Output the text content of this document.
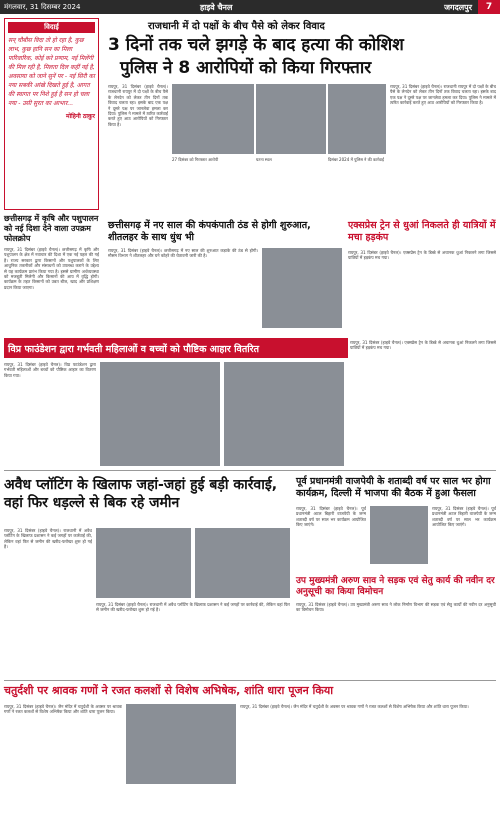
मंगलवार, 31 दिसम्बर 2024	हाइवे चैनल	जगदलपुर	7
विदाई

सन् चौबीस विदा तो हो रहा है, कुछ लाभ, कुछ हानि सन का मिला पारिवारिक, कोई करे प्रणाम, नई मिलेंगी की मिल रही है, मिलता दिल कहीं नई है, अवसाया को जाने सुनें पर - नई सिरी का नया सबकी आंखे दिखते हुई है, आगत की स्वागत पर निशे हुई है सन हो चला नया - उसी सुरत का आभार...

मोहिनी ठाकुर
छत्तीसगढ़ में कृषि और पशुपालन को नई दिशा देने वाला उपक्रम फोलक्रोप
रायपुर, 31 दिसंबर (हाइवे चैनल)। छत्तीसगढ़ में कृषि और पशुपालन के क्षेत्र में नवाचार की दिशा में एक नई पहल की गई है। राज्य सरकार द्वारा किसानों और पशुपालकों के लिए आधुनिक तकनीकों और संसाधनों को उपलब्ध कराने के उद्देश्य से यह कार्यक्रम प्रारंभ किया गया है। इससे ग्रामीण अर्थव्यवस्था को मजबूती मिलेगी और किसानों की आय में वृद्धि होगी। कार्यक्रम के तहत किसानों को उन्नत बीज, खाद और प्रशिक्षण प्रदान किया जाएगा।
राजधानी में दो पक्षों के बीच पैसे को लेकर विवाद
3 दिनों तक चले झगड़े के बाद हत्या की कोशिश
पुलिस ने 8 आरोपियों को किया गिरफ्तार
रायपुर, 31 दिसंबर (हाइवे चैनल)। राजधानी रायपुर में दो पक्षों के बीच पैसे के लेनदेन को लेकर तीन दिनों तक विवाद चलता रहा। इसके बाद एक पक्ष ने दूसरे पक्ष पर जानलेवा हमला कर दिया। पुलिस ने मामले में त्वरित कार्रवाई करते हुए आठ आरोपियों को गिरफ्तार किया है।
रायपुर, 31 दिसंबर (हाइवे चैनल)। राजधानी रायपुर में दो पक्षों के बीच पैसे के लेनदेन को लेकर तीन दिनों तक विवाद चलता रहा। इसके बाद एक पक्ष ने दूसरे पक्ष पर जानलेवा हमला कर दिया। पुलिस ने मामले में त्वरित कार्रवाई करते हुए आठ आरोपियों को गिरफ्तार किया है।
27 दिसंबर को गिरफ्तार आरोपी	घटना स्थल	दिसंबर 2024 में पुलिस ने की कार्रवाई
छत्तीसगढ़ में नए साल की कंपकंपाती ठंड से होगी शुरुआत, शीतलहर के साथ धुंध भी
रायपुर, 31 दिसंबर (हाइवे चैनल)। छत्तीसगढ़ में नए साल की शुरुआत कड़ाके की ठंड से होगी। मौसम विभाग ने शीतलहर और घने कोहरे की चेतावनी जारी की है।
एक्सप्रेस ट्रेन से धुआं निकलते ही यात्रियों में मचा हड़कंप
रायपुर, 31 दिसंबर (हाइवे चैनल)। एक्सप्रेस ट्रेन के डिब्बे से अचानक धुआं निकलने लगा जिससे यात्रियों में हड़कंप मच गया।
विप्र फाउंडेशन द्वारा गर्भवती महिलाओं व बच्चों को पौष्टिक आहार वितरित
रायपुर, 31 दिसंबर (हाइवे चैनल)। विप्र फाउंडेशन द्वारा गर्भवती महिलाओं और बच्चों को पौष्टिक आहार का वितरण किया गया।
रायपुर, 31 दिसंबर (हाइवे चैनल)। एक्सप्रेस ट्रेन के डिब्बे से अचानक धुआं निकलने लगा जिससे यात्रियों में हड़कंप मच गया।
अवैध प्लॉटिंग के खिलाफ जहां-जहां हुई बड़ी कार्रवाई, वहां फिर धड़ल्ले से बिक रहे जमीन
रायपुर, 31 दिसंबर (हाइवे चैनल)। राजधानी में अवैध प्लॉटिंग के खिलाफ प्रशासन ने कई जगहों पर कार्रवाई की, लेकिन वहां फिर से जमीन की खरीद-फरोख्त शुरू हो गई है।
रायपुर, 31 दिसंबर (हाइवे चैनल)। राजधानी में अवैध प्लॉटिंग के खिलाफ प्रशासन ने कई जगहों पर कार्रवाई की, लेकिन वहां फिर से जमीन की खरीद-फरोख्त शुरू हो गई है।
पूर्व प्रधानमंत्री वाजपेयी के शताब्दी वर्ष पर साल भर होगा कार्यक्रम, दिल्ली में भाजपा की बैठक में हुआ फैसला
रायपुर, 31 दिसंबर (हाइवे चैनल)। पूर्व प्रधानमंत्री अटल बिहारी वाजपेयी के जन्म शताब्दी वर्ष पर साल भर कार्यक्रम आयोजित किए जाएंगे।
रायपुर, 31 दिसंबर (हाइवे चैनल)। पूर्व प्रधानमंत्री अटल बिहारी वाजपेयी के जन्म शताब्दी वर्ष पर साल भर कार्यक्रम आयोजित किए जाएंगे।
उप मुख्यमंत्री अरुण साव ने सड़क एवं सेतु कार्य की नवीन दर अनुसूची का किया विमोचन
रायपुर, 31 दिसंबर (हाइवे चैनल)। उप मुख्यमंत्री अरुण साव ने लोक निर्माण विभाग की सड़क एवं सेतु कार्यों की नवीन दर अनुसूची का विमोचन किया।
चतुर्दशी पर श्रावक गणों ने रजत कलशों से विशेष अभिषेक, शांति धारा पूजन किया
रायपुर, 31 दिसंबर (हाइवे चैनल)। जैन मंदिर में चतुर्दशी के अवसर पर श्रावक गणों ने रजत कलशों से विशेष अभिषेक किया और शांति धारा पूजन किया।
रायपुर, 31 दिसंबर (हाइवे चैनल)। जैन मंदिर में चतुर्दशी के अवसर पर श्रावक गणों ने रजत कलशों से विशेष अभिषेक किया और शांति धारा पूजन किया।
